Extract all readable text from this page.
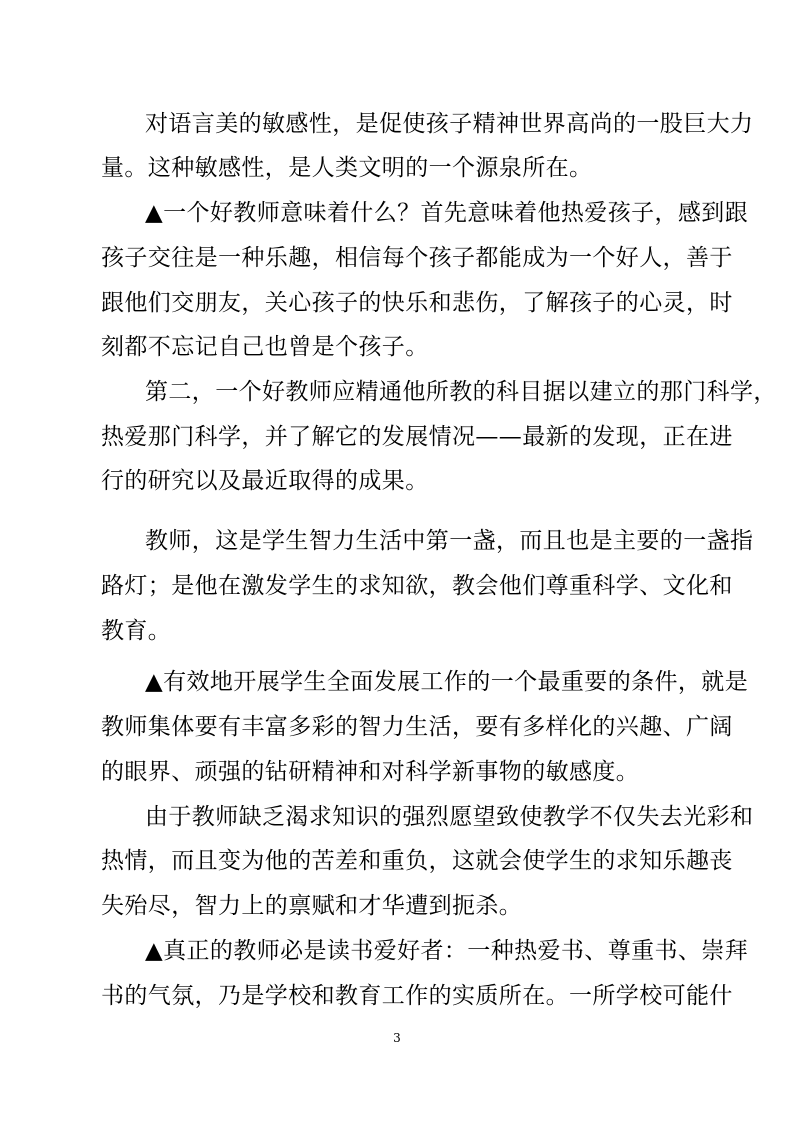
对语言美的敏感性，是促使孩子精神世界高尚的一股巨大力
量。这种敏感性，是人类文明的一个源泉所在。
▲一个好教师意味着什么？首先意味着他热爱孩子，感到跟
孩子交往是一种乐趣，相信每个孩子都能成为一个好人，善于
跟他们交朋友，关心孩子的快乐和悲伤，了解孩子的心灵，时
刻都不忘记自己也曾是个孩子。
第二，一个好教师应精通他所教的科目据以建立的那门科学，
热爱那门科学，并了解它的发展情况——最新的发现，正在进
行的研究以及最近取得的成果。
教师，这是学生智力生活中第一盏，而且也是主要的一盏指
路灯；是他在激发学生的求知欲，教会他们尊重科学、文化和
教育。
▲有效地开展学生全面发展工作的一个最重要的条件，就是
教师集体要有丰富多彩的智力生活，要有多样化的兴趣、广阔
的眼界、顽强的钻研精神和对科学新事物的敏感度。
由于教师缺乏渴求知识的强烈愿望致使教学不仅失去光彩和
热情，而且变为他的苦差和重负，这就会使学生的求知乐趣丧
失殆尽，智力上的禀赋和才华遭到扼杀。
▲真正的教师必是读书爱好者：一种热爱书、尊重书、崇拜
书的气氛，乃是学校和教育工作的实质所在。一所学校可能什
3
